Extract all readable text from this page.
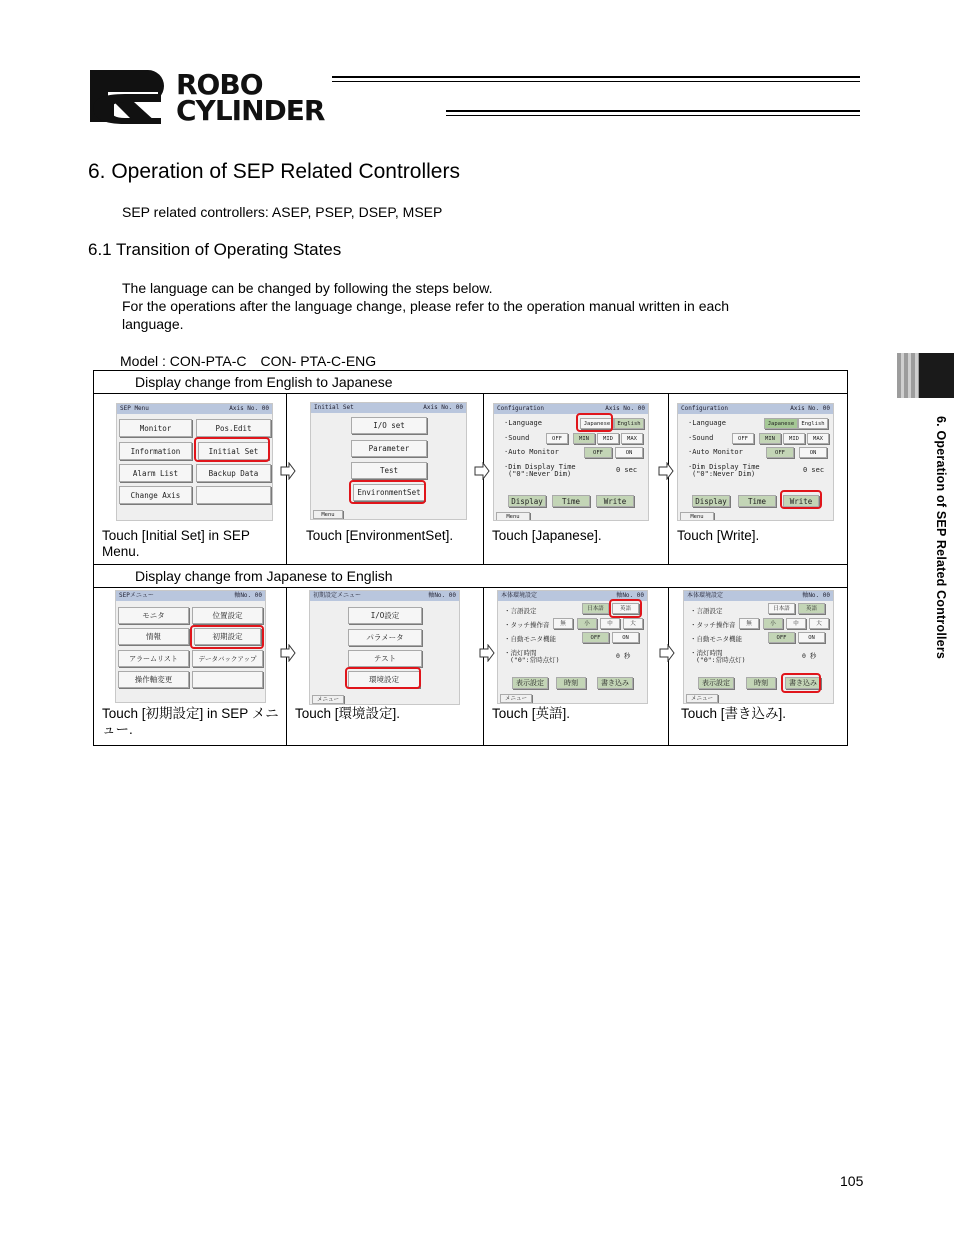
ROBO
CYLINDER
6. Operation of SEP Related Controllers
SEP related controllers: ASEP, PSEP, DSEP, MSEP
6.1 Transition of Operating States
The language can be changed by following the steps below.
For the operations after the language change, please refer to the operation manual written in each
language.
Model : CON-PTA-C　CON- PTA-C-ENG
6. Operation of SEP Related Controllers
Display change from English to Japanese
Display change from Japanese to English
Touch [Initial Set] in SEP Menu.
Touch [EnvironmentSet].	Touch [Japanese].	Touch [Write].
Touch [初期設定] in SEP メニュー.
Touch [環境設定].	Touch [英語].	Touch [書き込み].
SEP Menu	Axis No. 00
Monitor	Pos.Edit
Information	Initial Set
Alarm List	Backup Data
Change Axis
Initial Set	Axis No. 00
I/O set
Parameter
Test
EnvironmentSet
Menu
Configuration	Axis No. 00
·Language	Japanese	English
·Sound	OFF	MIN	MID	MAX
·Auto Monitor	OFF	ON
·Dim Display Time
("0":Never Dim)	0 sec
Display	Time	Write
Menu
Configuration	Axis No. 00
·Language	Japanese	English
·Sound	OFF	MIN	MID	MAX
·Auto Monitor	OFF	ON
·Dim Display Time
("0":Never Dim)	0 sec
Display	Time	Write
Menu
SEPメニュー	軸No. 00
モニタ	位置設定
情報	初期設定
アラームリスト	データバックアップ
操作軸変更
初期設定メニュー	軸No. 00
I/O設定
パラメータ
テスト
環境設定
メニュー
本体環境設定	軸No. 00
・言語設定	日本語	英語
・タッチ操作音	無	小	中	大
・自動モニタ機能	OFF	ON
・消灯時間
("0":常時点灯)	0 秒
表示設定	時刻	書き込み
メニュー
本体環境設定	軸No. 00
・言語設定	日本語	英語
・タッチ操作音	無	小	中	大
・自動モニタ機能	OFF	ON
・消灯時間
("0":常時点灯)	0 秒
表示設定	時刻	書き込み
メニュー
105
